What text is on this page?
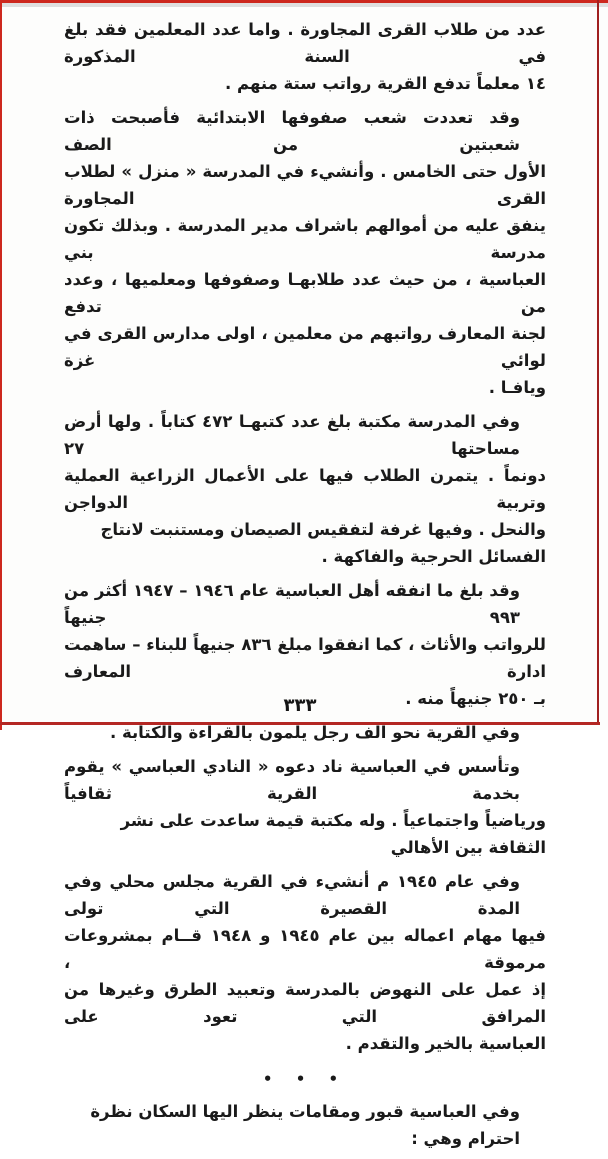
عدد من طلاب القرى المجاورة . واما عدد المعلمين فقد بلغ في السنة المذكورة
١٤ معلماً تدفع القرية رواتب ستة منهم .
وقد تعددت شعب صفوفها الابتدائية فأصبحت ذات شعبتين من الصف
الأول حتى الخامس . وأنشيء في المدرسة « منزل » لطلاب القرى المجاورة
ينفق عليه من أموالهم باشراف مدير المدرسة . وبذلك تكون مدرسة بني
العباسية ، من حيث عدد طلابهـا وصفوفها ومعلميها ، وعدد من تدفع
لجنة المعارف رواتبهم من معلمين ، اولى مدارس القرى في لوائي غزة
ويافـا .
وفي المدرسة مكتبة بلغ عدد كتبهـا ٤٧٢ كتاباً . ولها أرض مساحتها ٢٧
دونماً . يتمرن الطلاب فيها على الأعمال الزراعية العملية وتربية الدواجن
والنحل . وفيها غرفة لتفقيس الصيصان ومستنبت لانتاج الفسائل الحرجية والفاكهة .
وقد بلغ ما انفقه أهل العباسية عام ١٩٤٦ – ١٩٤٧ أكثر من ٩٩٣ جنيهاً
للرواتب والأثاث ، كما انفقوا مبلغ ٨٣٦ جنيهاً للبناء – ساهمت ادارة المعارف
بـ ٢٥٠ جنيهاً منه .
وفي القرية نحو الف رجل يلمون بالقراءة والكتابة .
وتأسس في العباسية ناد دعوه « النادي العباسي » يقوم بخدمة القرية ثقافياً
ورياضياً واجتماعياً . وله مكتبة قيمة ساعدت على نشر الثقافة بين الأهالي
وفي عام ١٩٤٥ م أنشيء في القرية مجلس محلي وفي المدة القصيرة التي تولى
فيها مهام اعماله بين عام ١٩٤٥ و ١٩٤٨ قــام بمشروعات مرموقة ،
إذ عمل على النهوض بالمدرسة وتعبيد الطرق وغيرها من المرافق التي تعود على
العباسية بالخير والتقدم .
• • •
وفي العباسية قبور ومقامات ينظر اليها السكان نظرة احترام وهي :
٣٣٣
